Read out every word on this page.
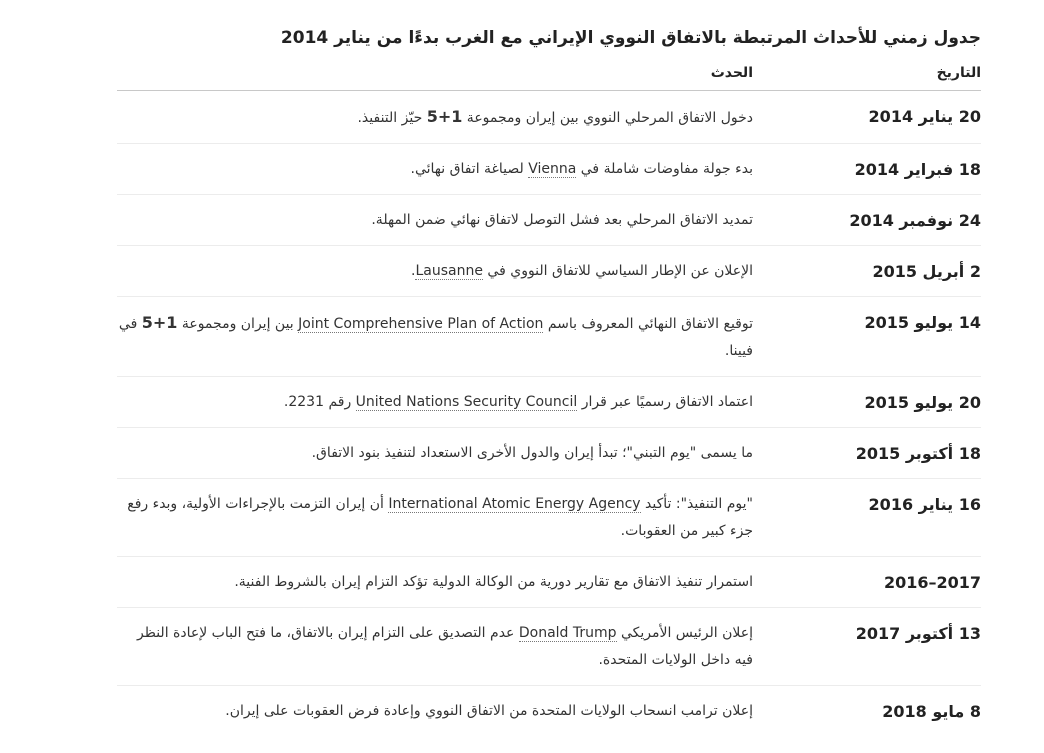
جدول زمني للأحداث المرتبطة بالاتفاق النووي الإيراني مع الغرب بدءًا من يناير 2014
التاريخ	الحدث
20 يناير 2014	دخول الاتفاق المرحلي النووي بين إيران ومجموعة 5+1 حيّز التنفيذ.
18 فبراير 2014	بدء جولة مفاوضات شاملة في Vienna لصياغة اتفاق نهائي.
24 نوفمبر 2014	تمديد الاتفاق المرحلي بعد فشل التوصل لاتفاق نهائي ضمن المهلة.
2 أبريل 2015	الإعلان عن الإطار السياسي للاتفاق النووي في Lausanne.
14 يوليو 2015	توقيع الاتفاق النهائي المعروف باسم Joint Comprehensive Plan of Action بين إيران ومجموعة 5+1 في فيينا.
20 يوليو 2015	اعتماد الاتفاق رسميًا عبر قرار United Nations Security Council رقم 2231.
18 أكتوبر 2015	ما يسمى "يوم التبني"؛ تبدأ إيران والدول الأخرى الاستعداد لتنفيذ بنود الاتفاق.
16 يناير 2016	"يوم التنفيذ": تأكيد International Atomic Energy Agency أن إيران التزمت بالإجراءات الأولية، وبدء رفع جزء كبير من العقوبات.
2016–2017	استمرار تنفيذ الاتفاق مع تقارير دورية من الوكالة الدولية تؤكد التزام إيران بالشروط الفنية.
13 أكتوبر 2017	إعلان الرئيس الأمريكي Donald Trump عدم التصديق على التزام إيران بالاتفاق، ما فتح الباب لإعادة النظر فيه داخل الولايات المتحدة.
8 مايو 2018	إعلان ترامب انسحاب الولايات المتحدة من الاتفاق النووي وإعادة فرض العقوبات على إيران.
